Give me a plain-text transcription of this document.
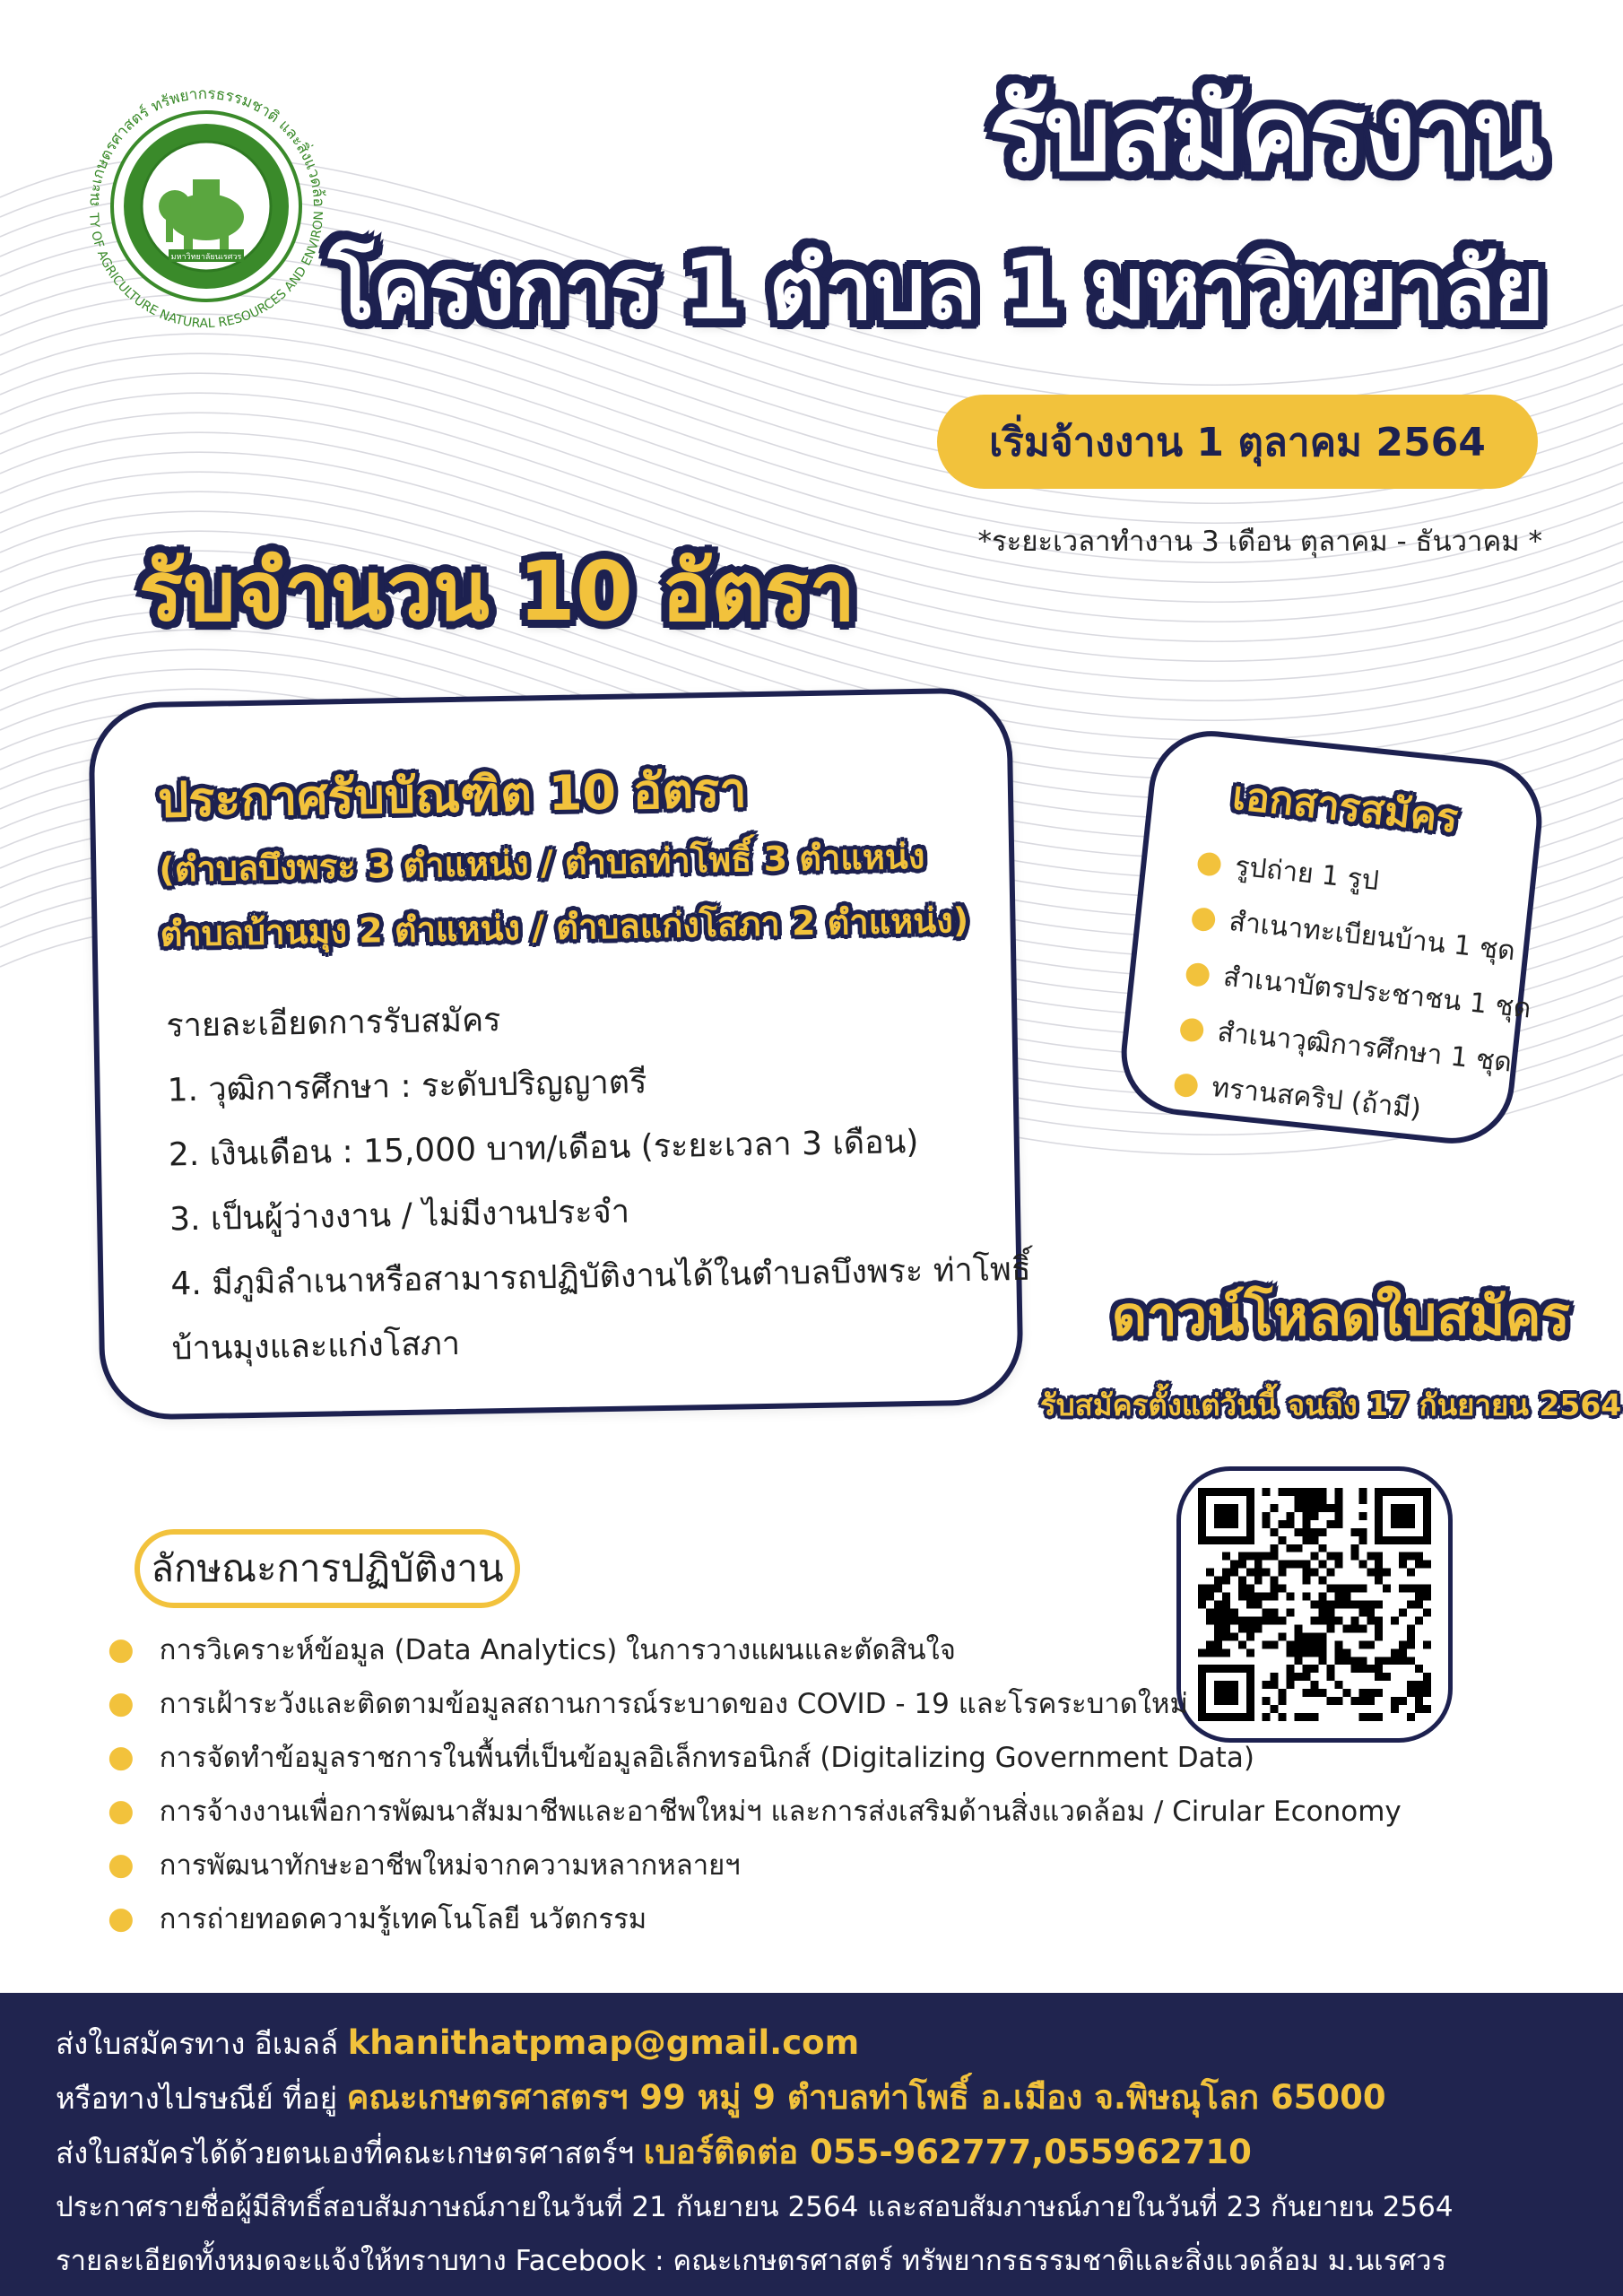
ณะเกษตรศาสตร์ ทรัพยากรธรรมชาติ และสิ่งแวดล้อ
TY OF AGRICULTURE NATURAL RESOURCES AND ENVIRON
มหาวิทยาลัยนเรศวร
รับสมัครงาน
โครงการ 1 ตำบล 1 มหาวิทยาลัย
เริ่มจ้างงาน 1 ตุลาคม 2564
*ระยะเวลาทำงาน 3 เดือน ตุลาคม - ธันวาคม *
รับจำนวน 10 อัตรา
ประกาศรับบัณฑิต 10 อัตรา
(ตำบลบึงพระ 3 ตำแหน่ง / ตำบลท่าโพธิ์ 3 ตำแหน่ง
ตำบลบ้านมุง 2 ตำแหน่ง / ตำบลแก่งโสภา 2 ตำแหน่ง)
รายละเอียดการรับสมัคร
1. วุฒิการศึกษา : ระดับปริญญาตรี
2. เงินเดือน : 15,000 บาท/เดือน (ระยะเวลา 3 เดือน)
3. เป็นผู้ว่างงาน / ไม่มีงานประจำ
4. มีภูมิลำเนาหรือสามารถปฏิบัติงานได้ในตำบลบึงพระ ท่าโพธิ์
บ้านมุงและแก่งโสภา
เอกสารสมัคร
● รูปถ่าย 1 รูป
● สำเนาทะเบียนบ้าน 1 ชุด
● สำเนาบัตรประชาชน 1 ชุด
● สำเนาวุฒิการศึกษา 1 ชุด
● ทรานสคริป (ถ้ามี)
ดาวน์โหลดใบสมัคร
รับสมัครตั้งแต่วันนี้ จนถึง 17 กันยายน 2564
ลักษณะการปฏิบัติงาน
● การวิเคราะห์ข้อมูล (Data Analytics) ในการวางแผนและตัดสินใจ
● การเฝ้าระวังและติดตามข้อมูลสถานการณ์ระบาดของ COVID - 19 และโรคระบาดใหม่
● การจัดทำข้อมูลราชการในพื้นที่เป็นข้อมูลอิเล็กทรอนิกส์ (Digitalizing Government Data)
● การจ้างงานเพื่อการพัฒนาสัมมาชีพและอาชีพใหม่ฯ และการส่งเสริมด้านสิ่งแวดล้อม / Cirular Economy
● การพัฒนาทักษะอาชีพใหม่จากความหลากหลายฯ
● การถ่ายทอดความรู้เทคโนโลยี นวัตกรรม
ส่งใบสมัครทาง อีเมลล์ khanithatpmap@gmail.com
หรือทางไปรษณีย์ ที่อยู่ คณะเกษตรศาสตรฯ 99 หมู่ 9 ตำบลท่าโพธิ์ อ.เมือง จ.พิษณุโลก 65000
ส่งใบสมัครได้ด้วยตนเองที่คณะเกษตรศาสตร์ฯ เบอร์ติดต่อ 055-962777,055962710
ประกาศรายชื่อผู้มีสิทธิ์สอบสัมภาษณ์ภายในวันที่ 21 กันยายน 2564 และสอบสัมภาษณ์ภายในวันที่ 23 กันยายน 2564
รายละเอียดทั้งหมดจะแจ้งให้ทราบทาง Facebook : คณะเกษตรศาสตร์ ทรัพยากรธรรมชาติและสิ่งแวดล้อม ม.นเรศวร
